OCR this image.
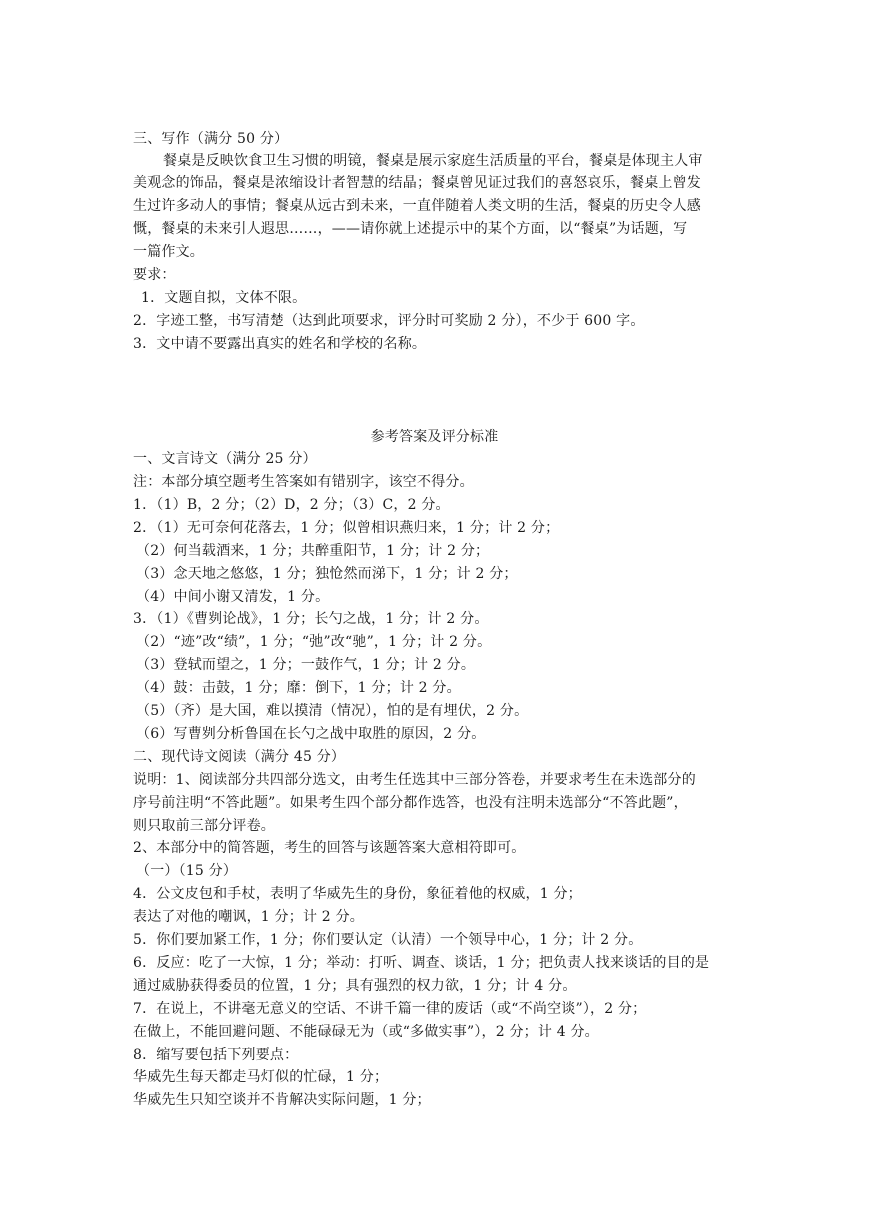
三、写作（满分 50 分）

餐桌是反映饮食卫生习惯的明镜，餐桌是展示家庭生活质量的平台，餐桌是体现主人审

美观念的饰品，餐桌是浓缩设计者智慧的结晶；餐桌曾见证过我们的喜怒哀乐，餐桌上曾发

生过许多动人的事情；餐桌从远古到未来，一直伴随着人类文明的生活，餐桌的历史令人感

慨，餐桌的未来引人遐思……，——请你就上述提示中的某个方面，以“餐桌”为话题，写

一篇作文。

要求：

1．文题自拟，文体不限。

2．字迹工整，书写清楚（达到此项要求，评分时可奖励 2 分），不少于 600 字。

3．文中请不要露出真实的姓名和学校的名称。

参考答案及评分标准

一、文言诗文（满分 25 分）

注：本部分填空题考生答案如有错别字，该空不得分。

1．（1）B，2 分；（2）D，2 分；（3）C，2 分。

2．（1）无可奈何花落去，1 分；似曾相识燕归来，1 分；计 2 分；

（2）何当载酒来，1 分；共醉重阳节，1 分；计 2 分；

（3）念天地之悠悠，1 分；独怆然而涕下，1 分；计 2 分；

（4）中间小谢又清发，1 分。

3．（1）《曹刿论战》，1 分；长勺之战，1 分；计 2 分。

（2）“迹”改“绩”，1 分；“弛”改“驰”，1 分；计 2 分。

（3）登轼而望之，1 分；一鼓作气，1 分；计 2 分。

（4）鼓：击鼓，1 分；靡：倒下，1 分；计 2 分。

（5）（齐）是大国，难以摸清（情况），怕的是有埋伏，2 分。

（6）写曹刿分析鲁国在长勺之战中取胜的原因，2 分。

二、现代诗文阅读（满分 45 分）

说明：1、阅读部分共四部分选文，由考生任选其中三部分答卷，并要求考生在未选部分的

序号前注明“不答此题”。如果考生四个部分都作选答，也没有注明未选部分“不答此题”，

则只取前三部分评卷。

2、本部分中的简答题，考生的回答与该题答案大意相符即可。

（一）（15 分）

4．公文皮包和手杖，表明了华威先生的身份，象征着他的权威，1 分；

表达了对他的嘲讽，1 分；计 2 分。

5．你们要加紧工作，1 分；你们要认定（认清）一个领导中心，1 分；计 2 分。

6．反应：吃了一大惊，1 分；举动：打听、调查、谈话，1 分；把负责人找来谈话的目的是

通过威胁获得委员的位置，1 分；具有强烈的权力欲，1 分；计 4 分。

7．在说上，不讲毫无意义的空话、不讲千篇一律的废话（或“不尚空谈”），2 分；

在做上，不能回避问题、不能碌碌无为（或“多做实事”），2 分；计 4 分。

8．缩写要包括下列要点：

华威先生每天都走马灯似的忙碌，1 分；

华威先生只知空谈并不肯解决实际问题，1 分；
